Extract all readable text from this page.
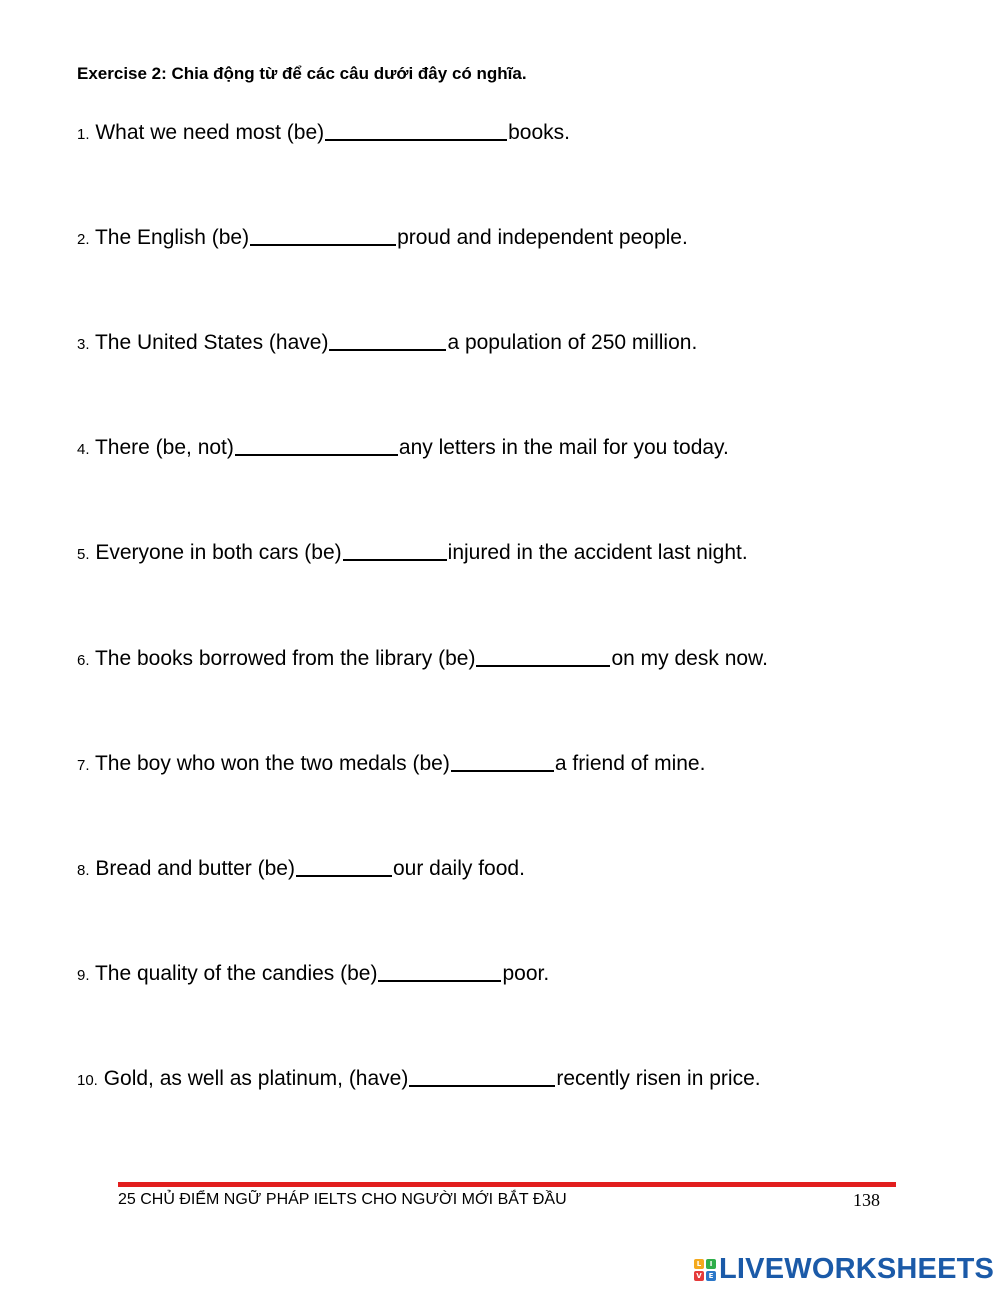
Exercise 2: Chia động từ để các câu dưới đây có nghĩa.
1. What we need most (be)	books.
2. The English (be)	proud and independent people.
3. The United States (have)	a population of 250 million.
4. There (be, not)	any letters in the mail for you today.
5. Everyone in both cars (be)	injured in the accident last night.
6. The books borrowed from the library (be)	on my desk now.
7. The boy who won the two medals (be)	a friend of mine.
8. Bread and butter (be)	our daily food.
9. The quality of the candies (be)	poor.
10. Gold, as well as platinum, (have)	recently risen in price.
25 CHỦ ĐIỂM NGỮ PHÁP IELTS CHO NGƯỜI MỚI BẮT ĐẦU	138
L	I
V E LIVEWORKSHEETS
